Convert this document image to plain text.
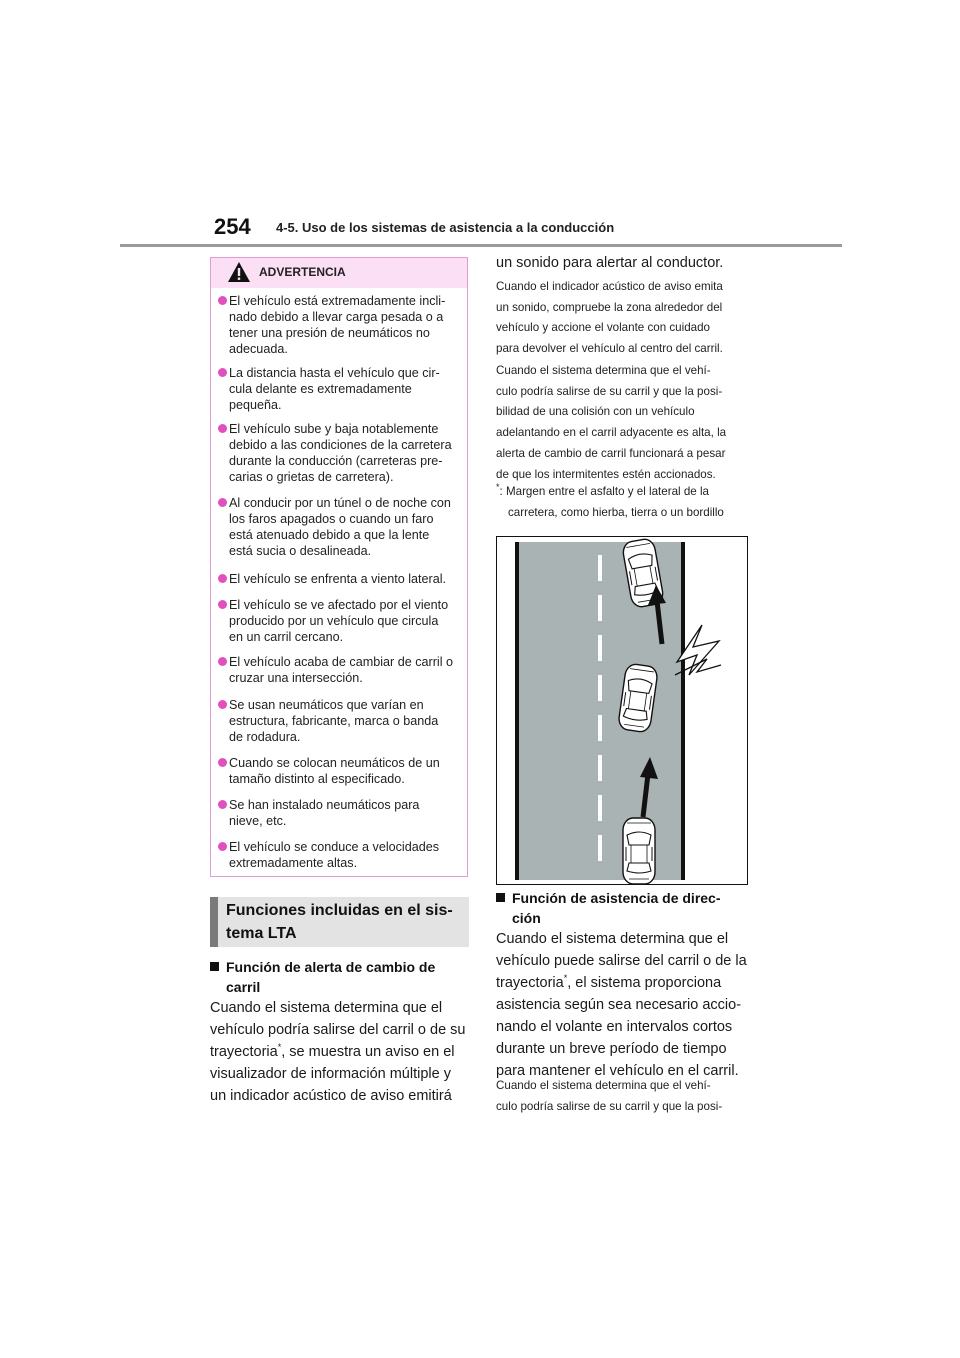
254 4-5. Uso de los sistemas de asistencia a la conducción
ADVERTENCIA
El vehículo está extremadamente incli-
nado debido a llevar carga pesada o a
tener una presión de neumáticos no
adecuada.
La distancia hasta el vehículo que cir-
cula delante es extremadamente
pequeña.
El vehículo sube y baja notablemente
debido a las condiciones de la carretera
durante la conducción (carreteras pre-
carias o grietas de carretera).
Al conducir por un túnel o de noche con
los faros apagados o cuando un faro
está atenuado debido a que la lente
está sucia o desalineada.
El vehículo se enfrenta a viento lateral.
El vehículo se ve afectado por el viento
producido por un vehículo que circula
en un carril cercano.
El vehículo acaba de cambiar de carril o
cruzar una intersección.
Se usan neumáticos que varían en
estructura, fabricante, marca o banda
de rodadura.
Cuando se colocan neumáticos de un
tamaño distinto al especificado.
Se han instalado neumáticos para
nieve, etc.
El vehículo se conduce a velocidades
extremadamente altas.
Funciones incluidas en el sis-
tema LTA
Función de alerta de cambio de
carril
Cuando el sistema determina que el
vehículo podría salirse del carril o de su
trayectoria*, se muestra un aviso en el
visualizador de información múltiple y
un indicador acústico de aviso emitirá
un sonido para alertar al conductor.
Cuando el indicador acústico de aviso emita
un sonido, compruebe la zona alrededor del
vehículo y accione el volante con cuidado
para devolver el vehículo al centro del carril.
Cuando el sistema determina que el vehí-
culo podría salirse de su carril y que la posi-
bilidad de una colisión con un vehículo
adelantando en el carril adyacente es alta, la
alerta de cambio de carril funcionará a pesar
de que los intermitentes estén accionados.
*: Margen entre el asfalto y el lateral de la
carretera, como hierba, tierra o un bordillo
Función de asistencia de direc-
ción
Cuando el sistema determina que el
vehículo puede salirse del carril o de la
trayectoria*, el sistema proporciona
asistencia según sea necesario accio-
nando el volante en intervalos cortos
durante un breve período de tiempo
para mantener el vehículo en el carril.
Cuando el sistema determina que el vehí-
culo podría salirse de su carril y que la posi-
